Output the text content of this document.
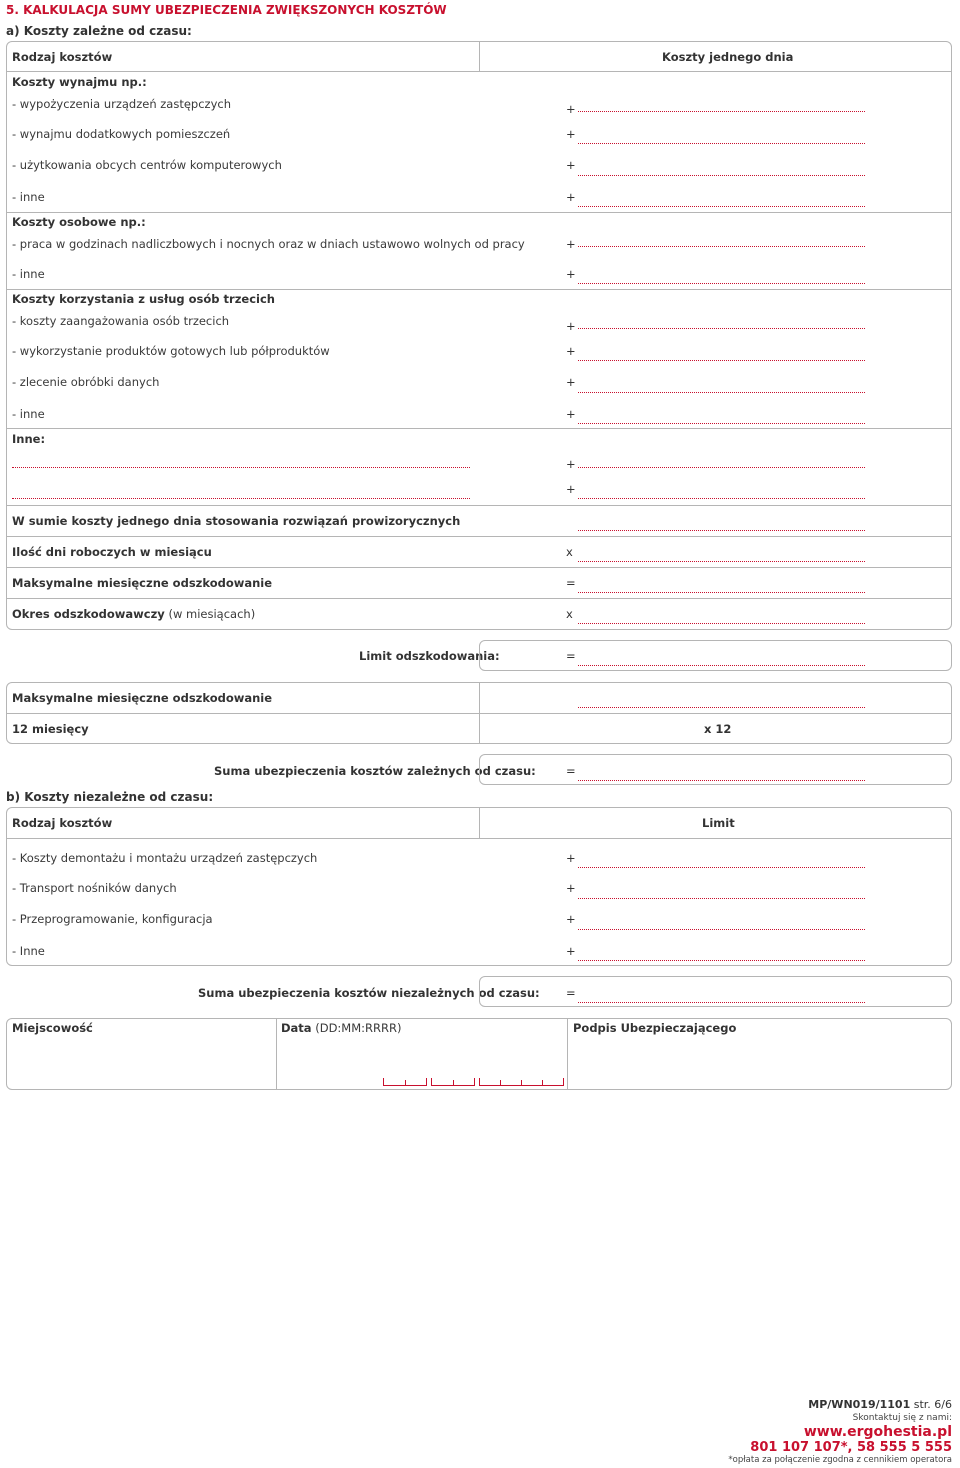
5. KALKULACJA SUMY UBEZPIECZENIA ZWIĘKSZONYCH KOSZTÓW
a) Koszty zależne od czasu:
Rodzaj kosztów	Koszty jednego dnia
Koszty wynajmu np.:
- wypożyczenia urządzeń zastępczych	+
- wynajmu dodatkowych pomieszczeń	+
- użytkowania obcych centrów komputerowych	+
- inne	+
Koszty osobowe np.:
- praca w godzinach nadliczbowych i nocnych oraz w dniach ustawowo wolnych od pracy	+
- inne	+
Koszty korzystania z usług osób trzecich
- koszty zaangażowania osób trzecich	+
- wykorzystanie produktów gotowych lub półproduktów	+
- zlecenie obróbki danych	+
- inne	+
Inne:
+
+
W sumie koszty jednego dnia stosowania rozwiązań prowizorycznych
Ilość dni roboczych w miesiącu	x
Maksymalne miesięczne odszkodowanie	=
Okres odszkodowawczy (w miesiącach)	x
Limit odszkodowania:	=
Maksymalne miesięczne odszkodowanie
12 miesięcy	x 12
Suma ubezpieczenia kosztów zależnych od czasu:	=
b) Koszty niezależne od czasu:
Rodzaj kosztów	Limit
- Koszty demontażu i montażu urządzeń zastępczych	+
- Transport nośników danych	+
- Przeprogramowanie, konfiguracja	+
- Inne	+
Suma ubezpieczenia kosztów niezależnych od czasu: =
Miejscowość	Data (DD:MM:RRRR)	Podpis Ubezpieczającego
MP/WN019/1101 str. 6/6
Skontaktuj się z nami:
www.ergohestia.pl
801 107 107*, 58 555 5 555
*opłata za połączenie zgodna z cennikiem operatora
